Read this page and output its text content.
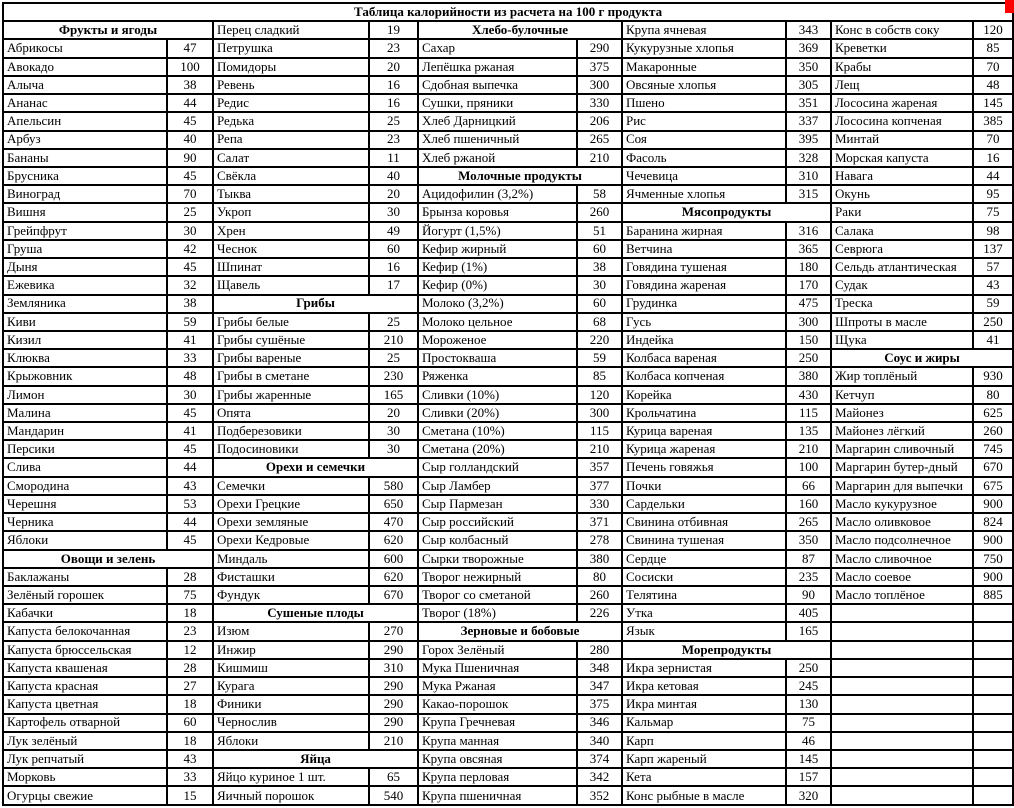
Таблица калорийности из расчета на 100 г продукта									
Фрукты и ягоды		Перец сладкий	19	Хлебо-булочные		Крупа ячневая	343	Конс в собств соку	120
Абрикосы	47	Петрушка	23	Сахар	290	Кукурузные хлопья	369	Креветки	85
Авокадо	100	Помидоры	20	Лепёшка ржаная	375	Макаронные	350	Крабы	70
Алыча	38	Ревень	16	Сдобная выпечка	300	Овсяные хлопья	305	Лещ	48
Ананас	44	Редис	16	Сушки, пряники	330	Пшено	351	Лососина жареная	145
Апельсин	45	Редька	25	Хлеб Дарницкий	206	Рис	337	Лососина копченая	385
Арбуз	40	Репа	23	Хлеб пшеничный	265	Соя	395	Минтай	70
Бананы	90	Салат	11	Хлеб ржаной	210	Фасоль	328	Морская капуста	16
Брусника	45	Свёкла	40	Молочные продукты		Чечевица	310	Навага	44
Виноград	70	Тыква	20	Ацидофилин (3,2%)	58	Ячменные хлопья	315	Окунь	95
Вишня	25	Укроп	30	Брынза коровья	260	Мясопродукты		Раки	75
Грейпфрут	30	Хрен	49	Йогурт (1,5%)	51	Баранина жирная	316	Салака	98
Груша	42	Чеснок	60	Кефир жирный	60	Ветчина	365	Севрюга	137
Дыня	45	Шпинат	16	Кефир (1%)	38	Говядина тушеная	180	Сельдь атлантическая	57
Ежевика	32	Щавель	17	Кефир (0%)	30	Говядина жареная	170	Судак	43
Земляника	38	Грибы		Молоко (3,2%)	60	Грудинка	475	Треска	59
Киви	59	Грибы белые	25	Молоко цельное	68	Гусь	300	Шпроты в масле	250
Кизил	41	Грибы сушёные	210	Мороженое	220	Индейка	150	Щука	41
Клюква	33	Грибы вареные	25	Простокваша	59	Колбаса вареная	250	Соус и жиры	
Крыжовник	48	Грибы в сметане	230	Ряженка	85	Колбаса копченая	380	Жир топлёный	930
Лимон	30	Грибы жаренные	165	Сливки (10%)	120	Корейка	430	Кетчуп	80
Малина	45	Опята	20	Сливки (20%)	300	Крольчатина	115	Майонез	625
Мандарин	41	Подберезовики	30	Сметана (10%)	115	Курица вареная	135	Майонез лёгкий	260
Персики	45	Подосиновики	30	Сметана (20%)	210	Курица жареная	210	Маргарин сливочный	745
Слива	44	Орехи и семечки		Сыр голландский	357	Печень говяжья	100	Маргарин бутер-дный	670
Смородина	43	Семечки	580	Сыр Ламбер	377	Почки	66	Маргарин для выпечки	675
Черешня	53	Орехи Грецкие	650	Сыр Пармезан	330	Сардельки	160	Масло кукурузное	900
Черника	44	Орехи земляные	470	Сыр российский	371	Свинина отбивная	265	Масло оливковое	824
Яблоки	45	Орехи Кедровые	620	Сыр колбасный	278	Свинина тушеная	350	Масло подсолнечное	900
Овощи и зелень		Миндаль	600	Сырки творожные	380	Сердце	87	Масло сливочное	750
Баклажаны	28	Фисташки	620	Творог нежирный	80	Сосиски	235	Масло соевое	900
Зелёный горошек	75	Фундук	670	Творог со сметаной	260	Телятина	90	Масло топлёное	885
Кабачки	18	Сушеные плоды		Творог (18%)	226	Утка	405		
Капуста белокочанная	23	Изюм	270	Зерновые и бобовые		Язык	165		
Капуста брюссельская	12	Инжир	290	Горох Зелёный	280	Морепродукты			
Капуста квашеная	28	Кишмиш	310	Мука Пшеничная	348	Икра зернистая	250		
Капуста красная	27	Курага	290	Мука Ржаная	347	Икра кетовая	245		
Капуста цветная	18	Финики	290	Какао-порошок	375	Икра минтая	130		
Картофель отварной	60	Чернослив	290	Крупа Гречневая	346	Кальмар	75		
Лук зелёный	18	Яблоки	210	Крупа манная	340	Карп	46		
Лук репчатый	43	Яйца		Крупа овсяная	374	Карп жареный	145		
Морковь	33	Яйцо куриное 1 шт.	65	Крупа перловая	342	Кета	157		
Огурцы свежие	15	Яичный порошок	540	Крупа пшеничная	352	Конс рыбные в масле	320		
